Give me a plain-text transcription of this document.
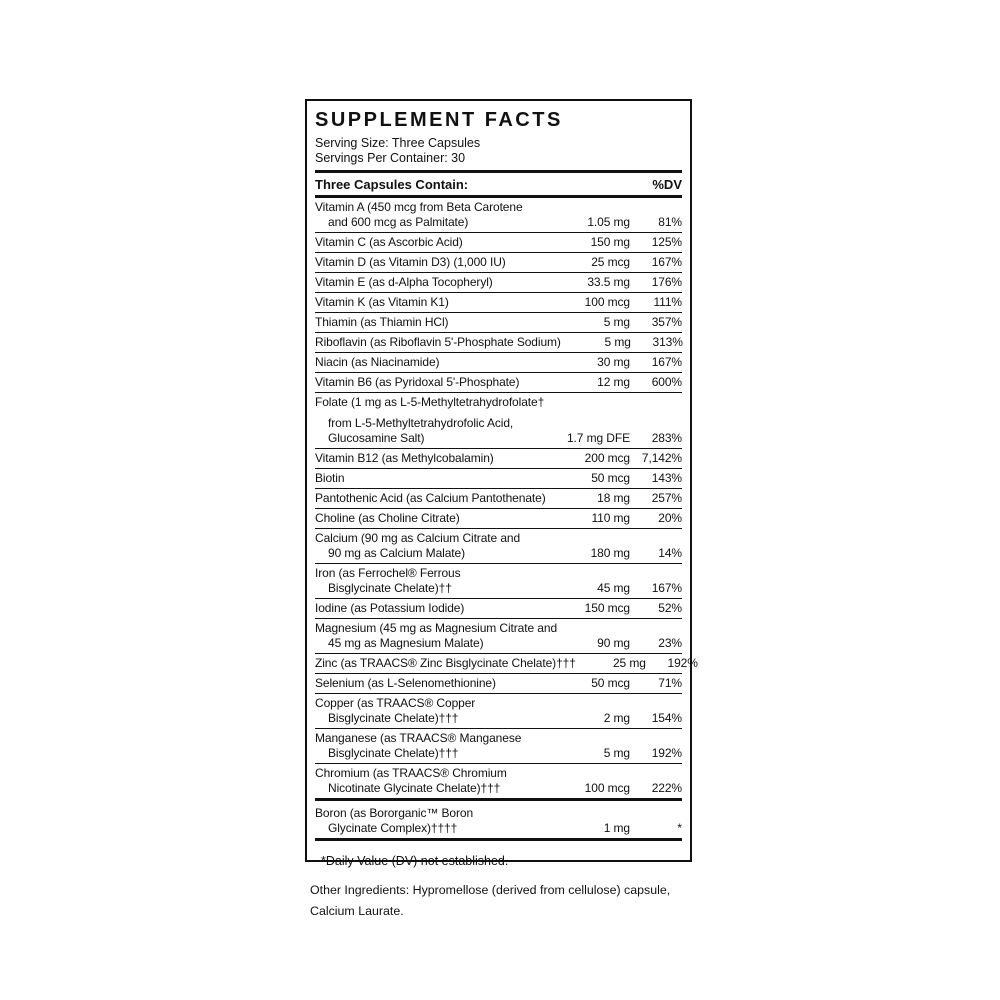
SUPPLEMENT FACTS
Serving Size: Three Capsules
Servings Per Container: 30
Three Capsules Contain:	%DV
Vitamin A (450 mcg from Beta Carotene
and 600 mcg as Palmitate)	1.05 mg	81%
Vitamin C (as Ascorbic Acid)	150 mg	125%
Vitamin D (as Vitamin D3) (1,000 IU)	25 mcg	167%
Vitamin E (as d-Alpha Tocopheryl)	33.5 mg	176%
Vitamin K (as Vitamin K1)	100 mcg	111%
Thiamin (as Thiamin HCl)	5 mg	357%
Riboflavin (as Riboflavin 5'-Phosphate Sodium)	5 mg	313%
Niacin (as Niacinamide)	30 mg	167%
Vitamin B6 (as Pyridoxal 5'-Phosphate)	12 mg	600%
Folate (1 mg as L-5-Methyltetrahydrofolate†
from L-5-Methyltetrahydrofolic Acid,
Glucosamine Salt)	1.7 mg DFE	283%
Vitamin B12 (as Methylcobalamin)	200 mcg 7,142%
Biotin	50 mcg	143%
Pantothenic Acid (as Calcium Pantothenate)	18 mg	257%
Choline (as Choline Citrate)	110 mg	20%
Calcium (90 mg as Calcium Citrate and
90 mg as Calcium Malate)	180 mg	14%
Iron (as Ferrochel® Ferrous
Bisglycinate Chelate)††	45 mg	167%
Iodine (as Potassium Iodide)	150 mcg	52%
Magnesium (45 mg as Magnesium Citrate and
45 mg as Magnesium Malate)	90 mg	23%
Zinc (as TRAACS® Zinc Bisglycinate Chelate)†††	25 mg	192%
Selenium (as L-Selenomethionine)	50 mcg	71%
Copper (as TRAACS® Copper
Bisglycinate Chelate)†††	2 mg	154%
Manganese (as TRAACS® Manganese
Bisglycinate Chelate)†††	5 mg	192%
Chromium (as TRAACS® Chromium
Nicotinate Glycinate Chelate)†††	100 mcg	222%
Boron (as Bororganic™ Boron
Glycinate Complex)††††	1 mg	*
*Daily Value (DV) not established.

Other Ingredients: Hypromellose (derived from cellulose) capsule, Calcium Laurate.
